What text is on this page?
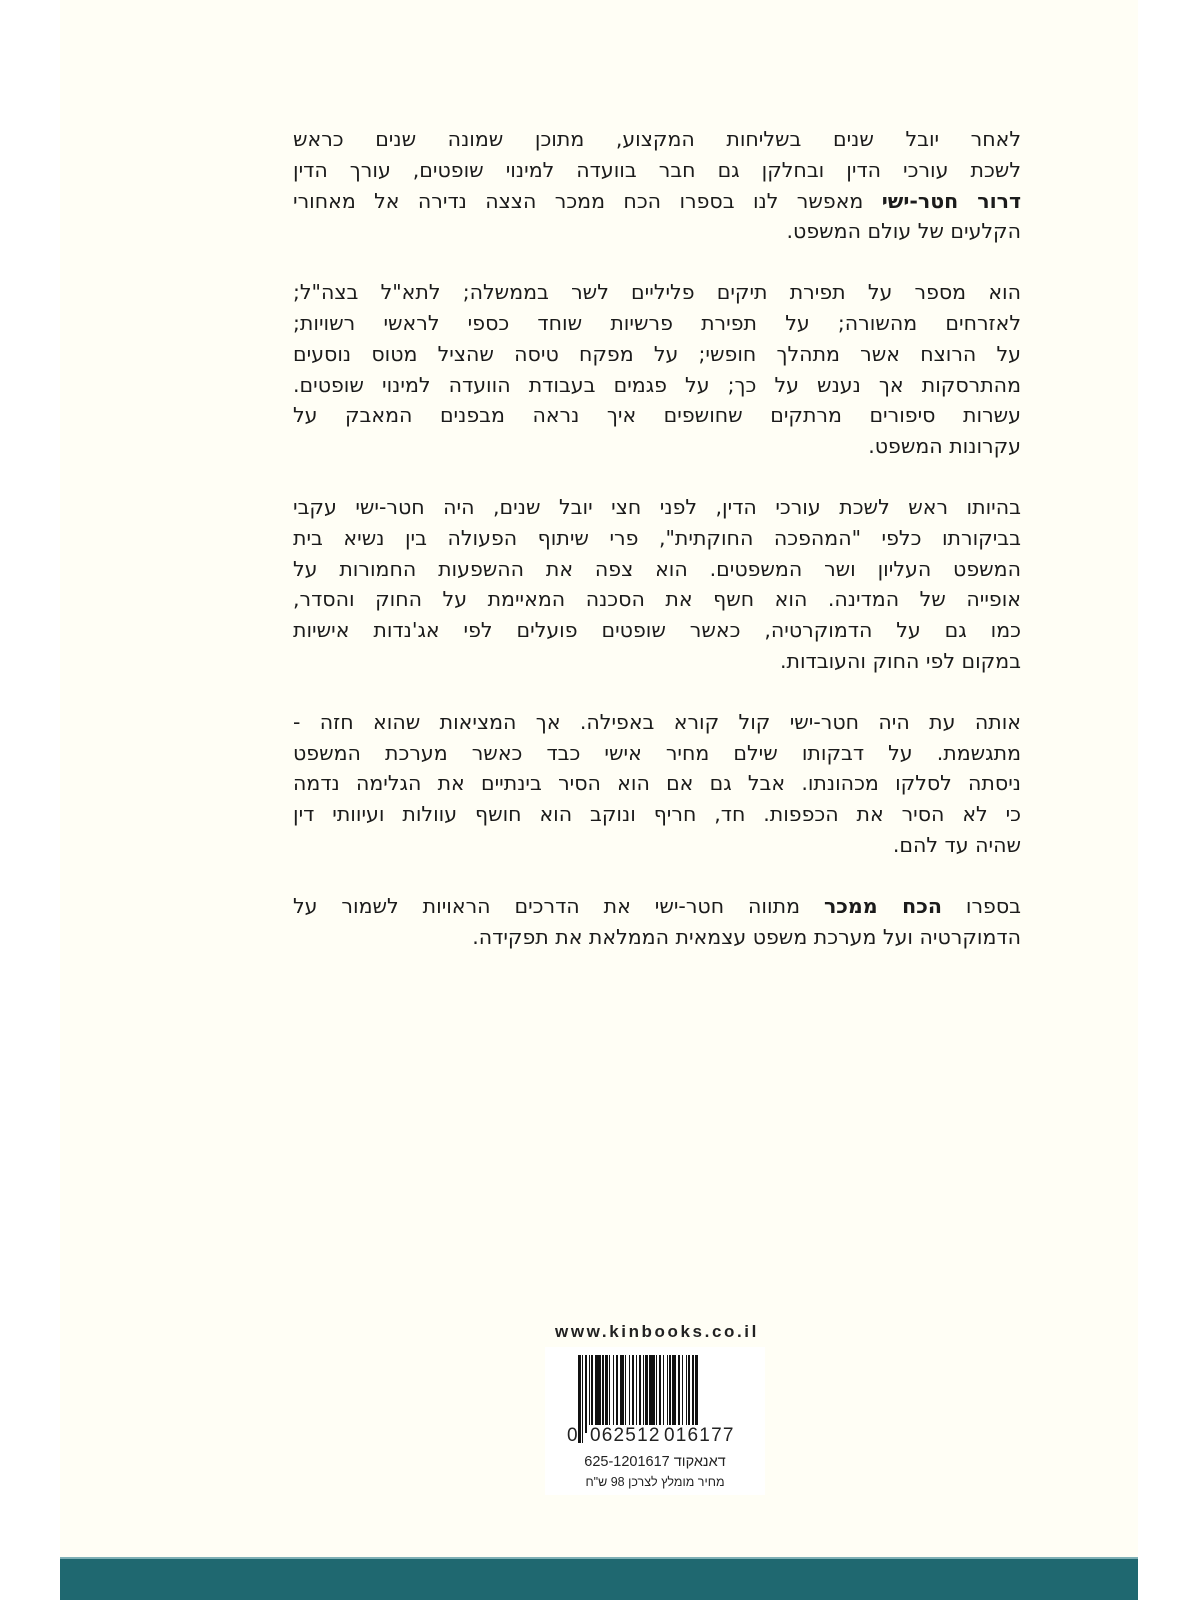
לאחר יובל שנים בשליחות המקצוע, מתוכן שמונה שנים כראש
לשכת עורכי הדין ובחלקן גם חבר בוועדה למינוי שופטים, עורך הדין
דרור חטר-ישי מאפשר לנו בספרו הכח ממכר הצצה נדירה אל מאחורי
הקלעים של עולם המשפט.
הוא מספר על תפירת תיקים פליליים לשר בממשלה; לתא"ל בצה"ל;
לאזרחים מהשורה; על תפירת פרשיות שוחד כספי לראשי רשויות;
על הרוצח אשר מתהלך חופשי; על מפקח טיסה שהציל מטוס נוסעים
מהתרסקות אך נענש על כך; על פגמים בעבודת הוועדה למינוי שופטים.
עשרות סיפורים מרתקים שחושפים איך נראה מבפנים המאבק על
עקרונות המשפט.
בהיותו ראש לשכת עורכי הדין, לפני חצי יובל שנים, היה חטר-ישי עקבי
בביקורתו כלפי "המהפכה החוקתית", פרי שיתוף הפעולה בין נשיא בית
המשפט העליון ושר המשפטים. הוא צפה את ההשפעות החמורות על
אופייה של המדינה. הוא חשף את הסכנה המאיימת על החוק והסדר,
כמו גם על הדמוקרטיה, כאשר שופטים פועלים לפי אג'נדות אישיות
במקום לפי החוק והעובדות.
אותה עת היה חטר-ישי קול קורא באפילה. אך המציאות שהוא חזה -
מתגשמת. על דבקותו שילם מחיר אישי כבד כאשר מערכת המשפט
ניסתה לסלקו מכהונתו. אבל גם אם הוא הסיר בינתיים את הגלימה נדמה
כי לא הסיר את הכפפות. חד, חריף ונוקב הוא חושף עוולות ועיוותי דין
שהיה עד להם.
בספרו הכח ממכר מתווה חטר-ישי את הדרכים הראויות לשמור על
הדמוקרטיה ועל מערכת משפט עצמאית הממלאת את תפקידה.
www.kinbooks.co.il
0 062512 016177
דאנאקוד 625-1201617
מחיר מומלץ לצרכן 98 ש"ח
